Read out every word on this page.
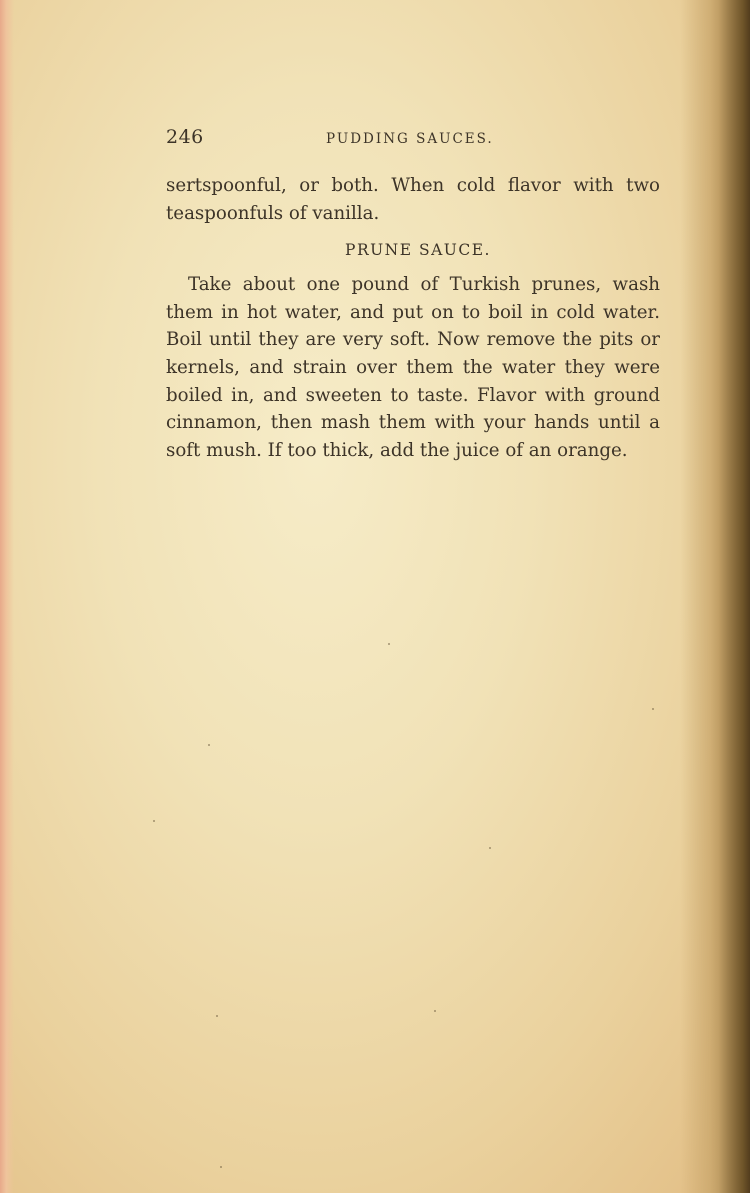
246	PUDDING SAUCES.

sertspoonful, or both. When cold flavor with two teaspoonfuls of vanilla.

PRUNE SAUCE.

Take about one pound of Turkish prunes, wash them in hot water, and put on to boil in cold water. Boil until they are very soft. Now remove the pits or kernels, and strain over them the water they were boiled in, and sweeten to taste. Flavor with ground cinnamon, then mash them with your hands until a soft mush. If too thick, add the juice of an orange.
